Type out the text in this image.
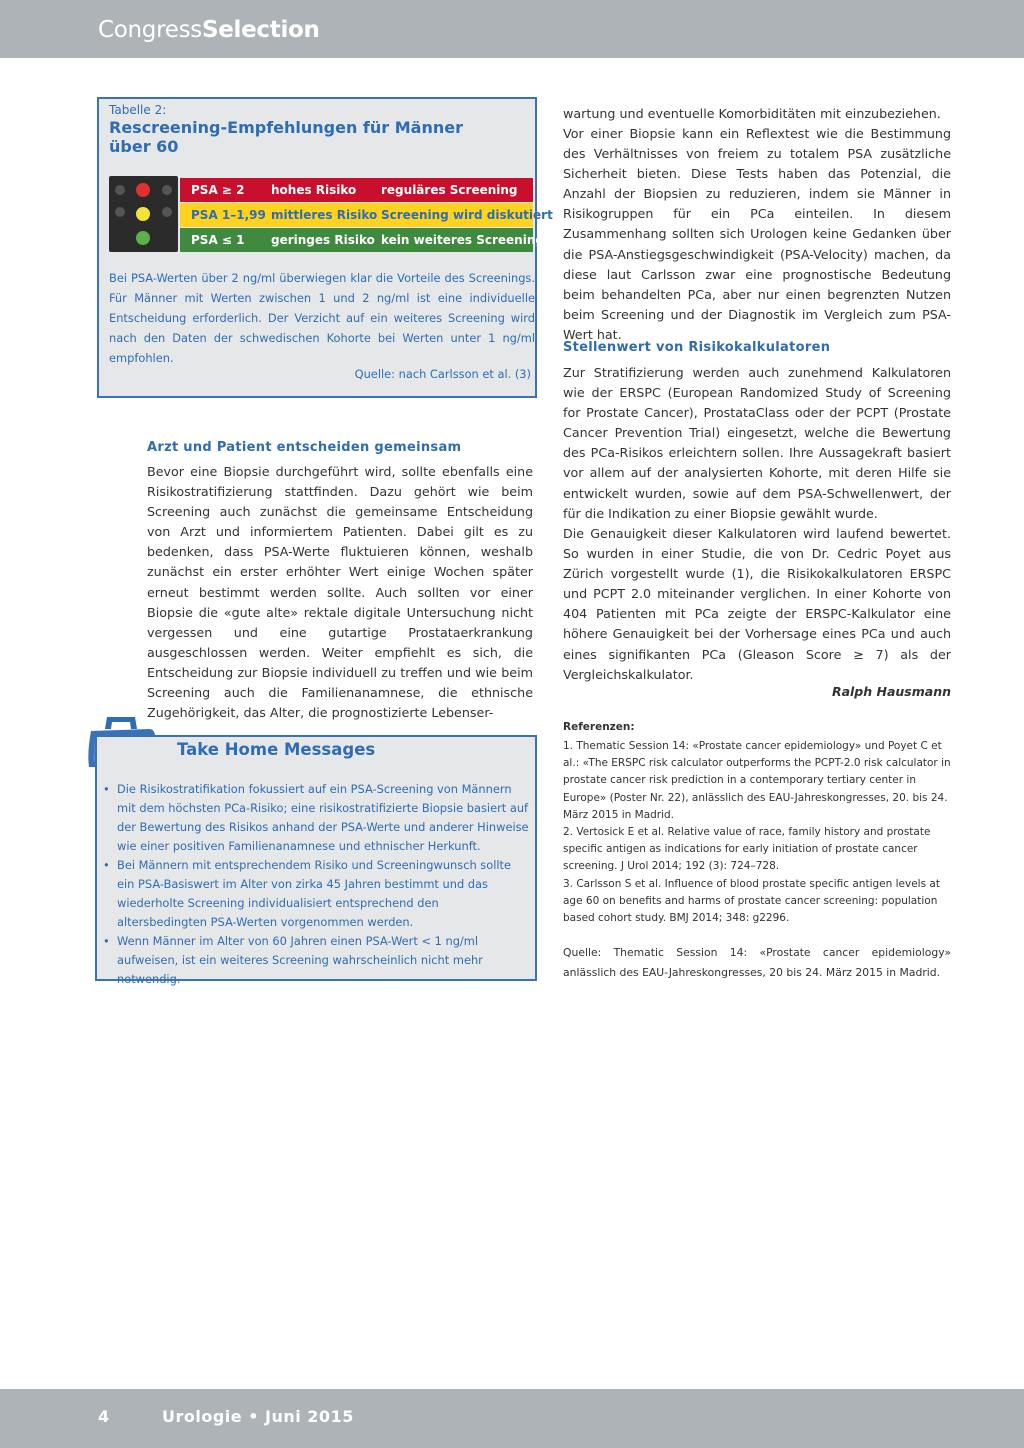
CongressSelection
Tabelle 2:
Rescreening-Empfehlungen für Männer über 60
PSA ≥ 2 hohes Risiko reguläres Screening
PSA 1–1,99 mittleres Risiko Screening wird diskutiert
PSA ≤ 1 geringes Risiko kein weiteres Screening
Bei PSA-Werten über 2 ng/ml überwiegen klar die Vorteile des Screenings. Für Männer mit Werten zwischen 1 und 2 ng/ml ist eine individuelle Entscheidung erforderlich. Der Verzicht auf ein weiteres Screening wird nach den Daten der schwedischen Kohorte bei Werten unter 1 ng/ml empfohlen.
Quelle: nach Carlsson et al. (3)
Arzt und Patient entscheiden gemeinsam

Bevor eine Biopsie durchgeführt wird, sollte ebenfalls eine Risikostratifizierung stattfinden. Dazu gehört wie beim Screening auch zunächst die gemeinsame Entscheidung von Arzt und informiertem Patienten. Dabei gilt es zu bedenken, dass PSA-Werte fluktuieren können, weshalb zunächst ein erster erhöhter Wert einige Wochen später erneut bestimmt werden sollte. Auch sollten vor einer Biopsie die «gute alte» rektale digitale Untersuchung nicht vergessen und eine gutartige Prostataerkrankung ausgeschlossen werden. Weiter empfiehlt es sich, die Entscheidung zur Biopsie individuell zu treffen und wie beim Screening auch die Familienanamnese, die ethnische Zugehörigkeit, das Alter, die prognostizierte Lebenser-

Take Home Messages
• Die Risikostratifikation fokussiert auf ein PSA-Screening von Männern mit dem höchsten PCa-Risiko; eine risikostratifizierte Biopsie basiert auf der Bewertung des Risikos anhand der PSA-Werte und anderer Hinweise wie einer positiven Familienanamnese und ethnischer Herkunft.
• Bei Männern mit entsprechendem Risiko und Screeningwunsch sollte ein PSA-Basiswert im Alter von zirka 45 Jahren bestimmt und das wiederholte Screening individualisiert entsprechend den altersbedingten PSA-Werten vorgenommen werden.
• Wenn Männer im Alter von 60 Jahren einen PSA-Wert < 1 ng/ml aufweisen, ist ein weiteres Screening wahrscheinlich nicht mehr notwendig.

wartung und eventuelle Komorbiditäten mit einzubeziehen.

Vor einer Biopsie kann ein Reflextest wie die Bestimmung des Verhältnisses von freiem zu totalem PSA zusätzliche Sicherheit bieten. Diese Tests haben das Potenzial, die Anzahl der Biopsien zu reduzieren, indem sie Männer in Risikogruppen für ein PCa einteilen. In diesem Zusammenhang sollten sich Urologen keine Gedanken über die PSA-Anstiegsgeschwindigkeit (PSA-Velocity) machen, da diese laut Carlsson zwar eine prognostische Bedeutung beim behandelten PCa, aber nur einen begrenzten Nutzen beim Screening und der Diagnostik im Vergleich zum PSA-Wert hat.

Stellenwert von Risikokalkulatoren

Zur Stratifizierung werden auch zunehmend Kalkulatoren wie der ERSPC (European Randomized Study of Screening for Prostate Cancer), ProstataClass oder der PCPT (Prostate Cancer Prevention Trial) eingesetzt, welche die Bewertung des PCa-Risikos erleichtern sollen. Ihre Aussagekraft basiert vor allem auf der analysierten Kohorte, mit deren Hilfe sie entwickelt wurden, sowie auf dem PSA-Schwellenwert, der für die Indikation zu einer Biopsie gewählt wurde.

Die Genauigkeit dieser Kalkulatoren wird laufend bewertet. So wurden in einer Studie, die von Dr. Cedric Poyet aus Zürich vorgestellt wurde (1), die Risikokalkulatoren ERSPC und PCPT 2.0 miteinander verglichen. In einer Kohorte von 404 Patienten mit PCa zeigte der ERSPC-Kalkulator eine höhere Genauigkeit bei der Vorhersage eines PCa und auch eines signifikanten PCa (Gleason Score ≥ 7) als der Vergleichskalkulator.

Ralph Hausmann
Referenzen:
1. Thematic Session 14: «Prostate cancer epidemiology» und Poyet C et al.: «The ERSPC risk calculator outperforms the PCPT-2.0 risk calculator in prostate cancer risk prediction in a contemporary tertiary center in Europe» (Poster Nr. 22), anlässlich des EAU-Jahreskongresses, 20. bis 24. März 2015 in Madrid.
2. Vertosick E et al. Relative value of race, family history and prostate specific antigen as indications for early initiation of prostate cancer screening. J Urol 2014; 192 (3): 724–728.
3. Carlsson S et al. Influence of blood prostate specific antigen levels at age 60 on benefits and harms of prostate cancer screening: population based cohort study. BMJ 2014; 348: g2296.

Quelle: Thematic Session 14: «Prostate cancer epidemiology» anlässlich des EAU-Jahreskongresses, 20 bis 24. März 2015 in Madrid.

4	Urologie • Juni 2015
